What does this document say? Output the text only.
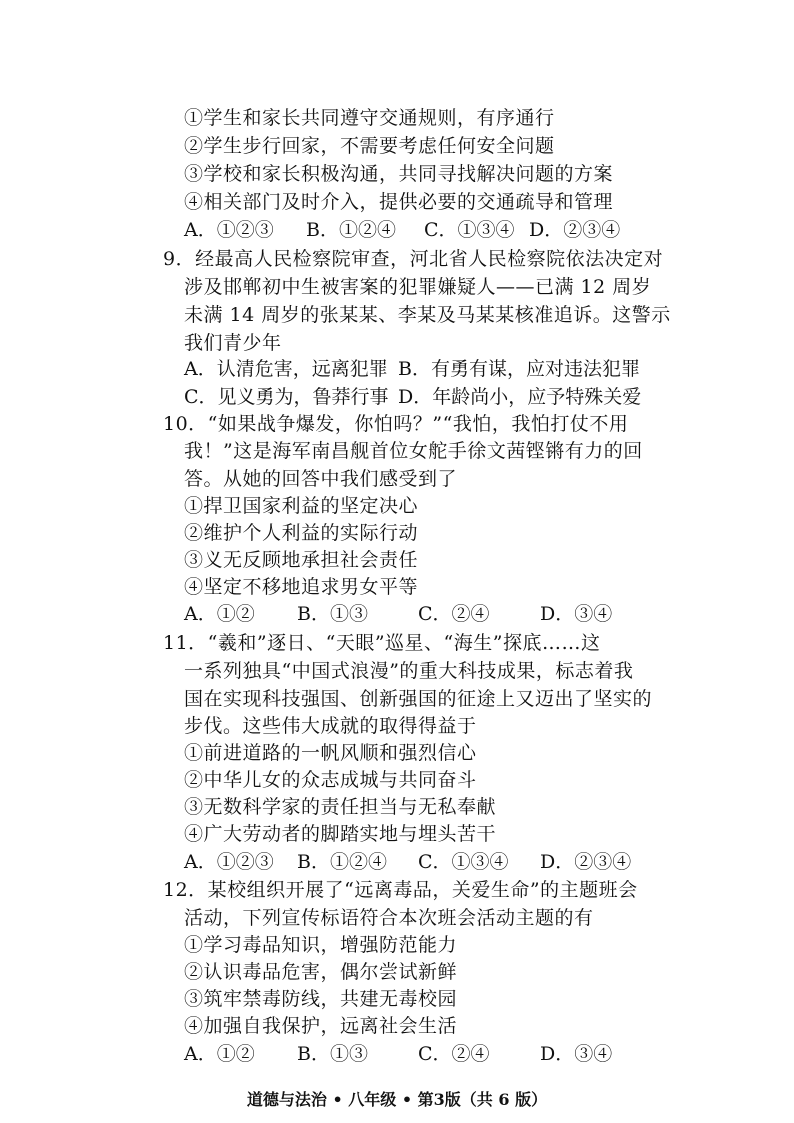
①学生和家长共同遵守交通规则，有序通行
②学生步行回家，不需要考虑任何安全问题
③学校和家长积极沟通，共同寻找解决问题的方案
④相关部门及时介入，提供必要的交通疏导和管理
A．①②③ B．①②④ C．①③④ D．②③④
9．经最高人民检察院审查，河北省人民检察院依法决定对
涉及邯郸初中生被害案的犯罪嫌疑人——已满 12 周岁
未满 14 周岁的张某某、李某及马某某核准追诉。这警示
我们青少年
A．认清危害，远离犯罪 B．有勇有谋，应对违法犯罪
C．见义勇为，鲁莽行事 D．年龄尚小，应予特殊关爱
10．“如果战争爆发，你怕吗？”“我怕，我怕打仗不用
我！”这是海军南昌舰首位女舵手徐文茜铿锵有力的回
答。从她的回答中我们感受到了
①捍卫国家利益的坚定决心
②维护个人利益的实际行动
③义无反顾地承担社会责任
④坚定不移地追求男女平等
A．①② B．①③	C．②④	D．③④
11．“羲和”逐日、“天眼”巡星、“海生”探底……这
一系列独具“中国式浪漫”的重大科技成果，标志着我
国在实现科技强国、创新强国的征途上又迈出了坚实的
步伐。这些伟大成就的取得得益于
①前进道路的一帆风顺和强烈信心
②中华儿女的众志成城与共同奋斗
③无数科学家的责任担当与无私奉献
④广大劳动者的脚踏实地与埋头苦干
A．①②③ B．①②④ C．①③④ D．②③④
12．某校组织开展了“远离毒品，关爱生命”的主题班会
活动，下列宣传标语符合本次班会活动主题的有
①学习毒品知识，增强防范能力
②认识毒品危害，偶尔尝试新鲜
③筑牢禁毒防线，共建无毒校园
④加强自我保护，远离社会生活
A．①② B．①③	C．②④	D．③④
道德与法治 • 八年级 • 第3版（共 6 版）
